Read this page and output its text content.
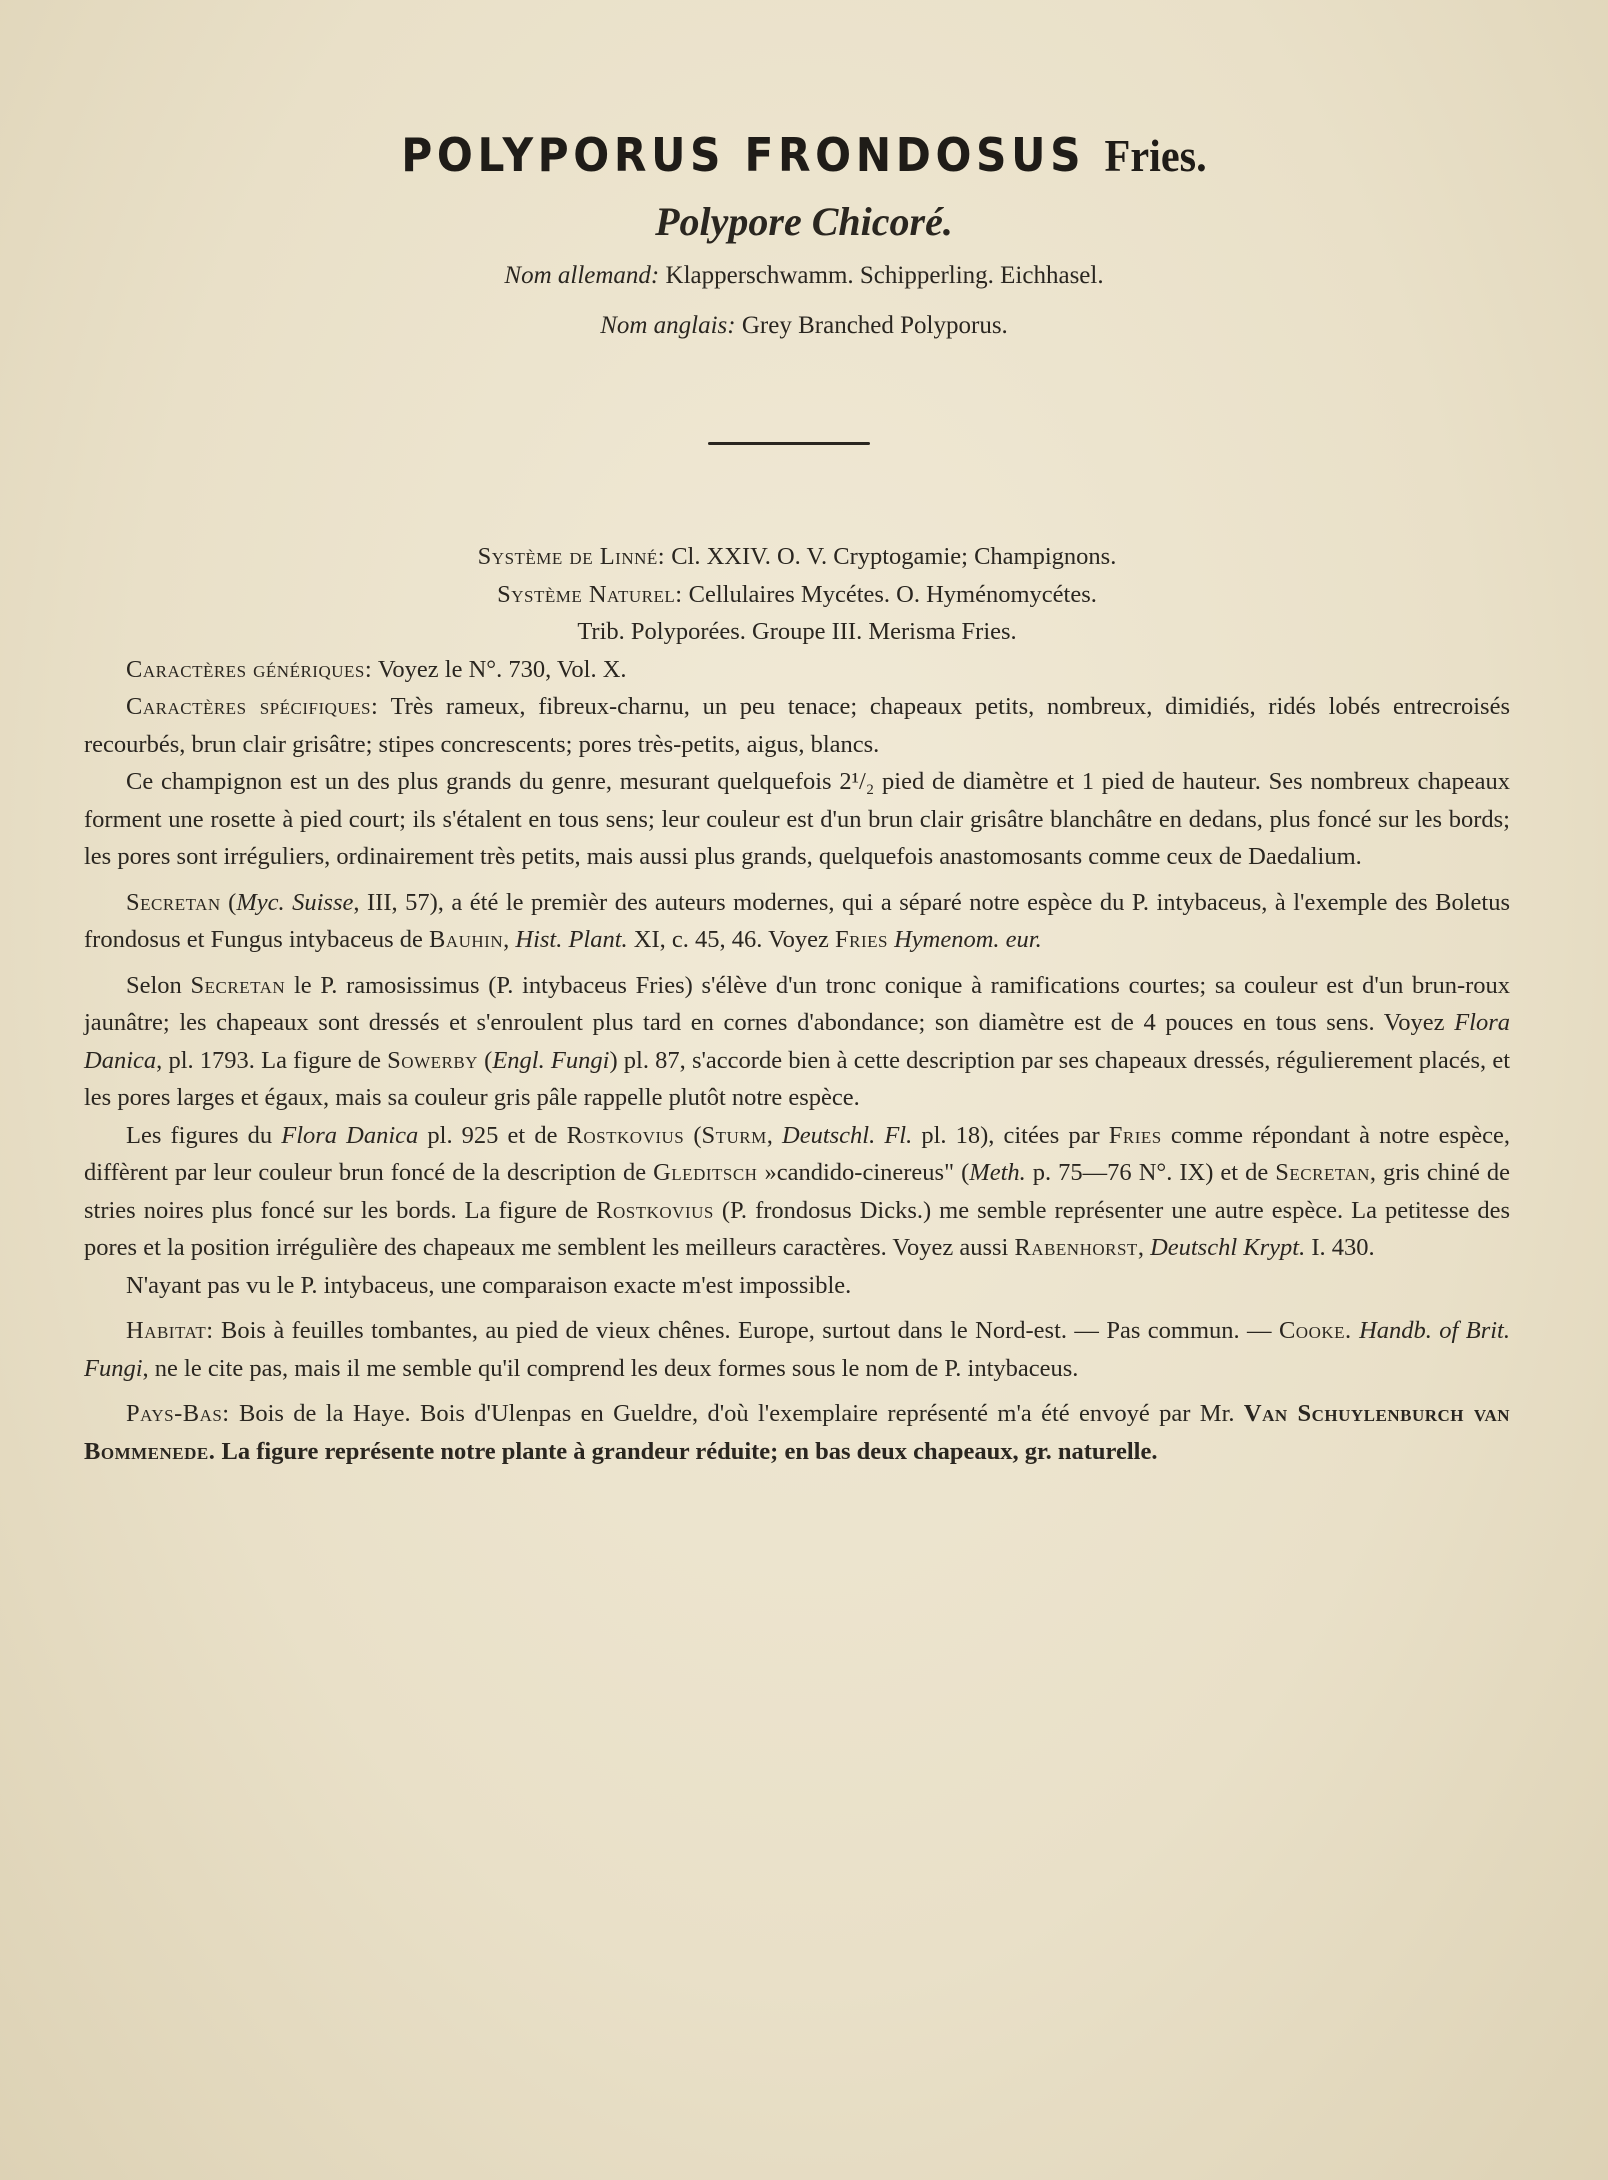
POLYPORUS FRONDOSUS Fries.
Polypore Chicoré.
Nom allemand: Klapperschwamm. Schipperling. Eichhasel.
Nom anglais: Grey Branched Polyporus.

Système de Linné: Cl. XXIV. O. V. Cryptogamie; Champignons.

Système Naturel: Cellulaires Mycétes. O. Hyménomycétes.

Trib. Polyporées. Groupe III. Merisma Fries.

Caractères génériques: Voyez le N°. 730, Vol. X.

Caractères spécifiques: Très rameux, fibreux-charnu, un peu tenace; chapeaux petits, nombreux, dimidiés, ridés lobés entrecroisés recourbés, brun clair grisâtre; stipes concrescents; pores très-petits, aigus, blancs.

Ce champignon est un des plus grands du genre, mesurant quelquefois 2¹/₂ pied de diamètre et 1 pied de hauteur. Ses nombreux chapeaux forment une rosette à pied court; ils s'étalent en tous sens; leur couleur est d'un brun clair grisâtre blanchâtre en dedans, plus foncé sur les bords; les pores sont irréguliers, ordinairement très petits, mais aussi plus grands, quelquefois anastomosants comme ceux de Daedalium.

Secretan (Myc. Suisse, III, 57), a été le premièr des auteurs modernes, qui a séparé notre espèce du P. intybaceus, à l'exemple des Boletus frondosus et Fungus intybaceus de Bauhin, Hist. Plant. XI, c. 45, 46. Voyez Fries Hymenom. eur.

Selon Secretan le P. ramosissimus (P. intybaceus Fries) s'élève d'un tronc conique à ramifications courtes; sa couleur est d'un brun-roux jaunâtre; les chapeaux sont dressés et s'enroulent plus tard en cornes d'abondance; son diamètre est de 4 pouces en tous sens. Voyez Flora Danica, pl. 1793. La figure de Sowerby (Engl. Fungi) pl. 87, s'accorde bien à cette description par ses chapeaux dressés, régulierement placés, et les pores larges et égaux, mais sa couleur gris pâle rappelle plutôt notre espèce.

Les figures du Flora Danica pl. 925 et de Rostkovius (Sturm, Deutschl. Fl. pl. 18), citées par Fries comme répondant à notre espèce, diffèrent par leur couleur brun foncé de la description de Gleditsch »candido-cinereus" (Meth. p. 75—76 N°. IX) et de Secretan, gris chiné de stries noires plus foncé sur les bords. La figure de Rostkovius (P. frondosus Dicks.) me semble représenter une autre espèce. La petitesse des pores et la position irrégulière des chapeaux me semblent les meilleurs caractères. Voyez aussi Rabenhorst, Deutschl Krypt. I. 430.

N'ayant pas vu le P. intybaceus, une comparaison exacte m'est impossible.

Habitat: Bois à feuilles tombantes, au pied de vieux chênes. Europe, surtout dans le Nord-est. — Pas commun. — Cooke. Handb. of Brit. Fungi, ne le cite pas, mais il me semble qu'il comprend les deux formes sous le nom de P. intybaceus.

Pays-Bas: Bois de la Haye. Bois d'Ulenpas en Gueldre, d'où l'exemplaire représenté m'a été envoyé par Mr. Van Schuylenburch van Bommenede. La figure représente notre plante à grandeur réduite; en bas deux chapeaux, gr. naturelle.
